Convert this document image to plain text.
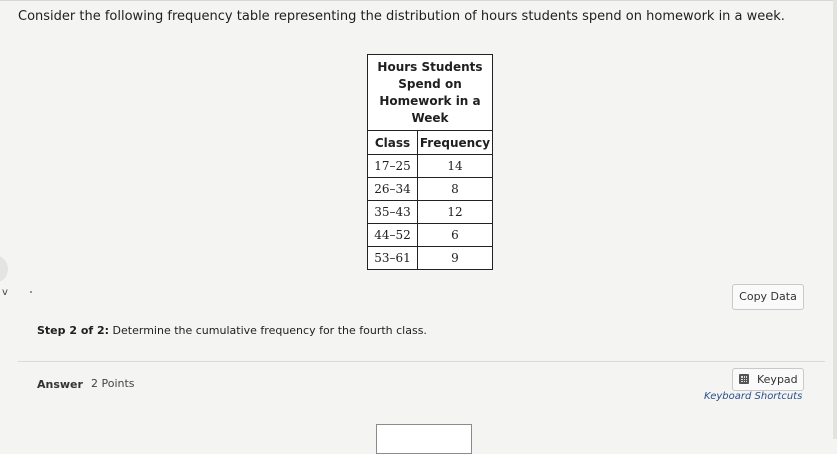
Consider the following frequency table representing the distribution of hours students spend on homework in a week.
v
Hours Students
Spend on
Homework in a
Week	

Class	Frequency
17–25	14
26–34	8
35–43	12
44–52	6
53–61	9
Copy Data
Step 2 of 2: Determine the cumulative frequency for the fourth class.
Answer 2 Points	Keypad
Keyboard Shortcuts
